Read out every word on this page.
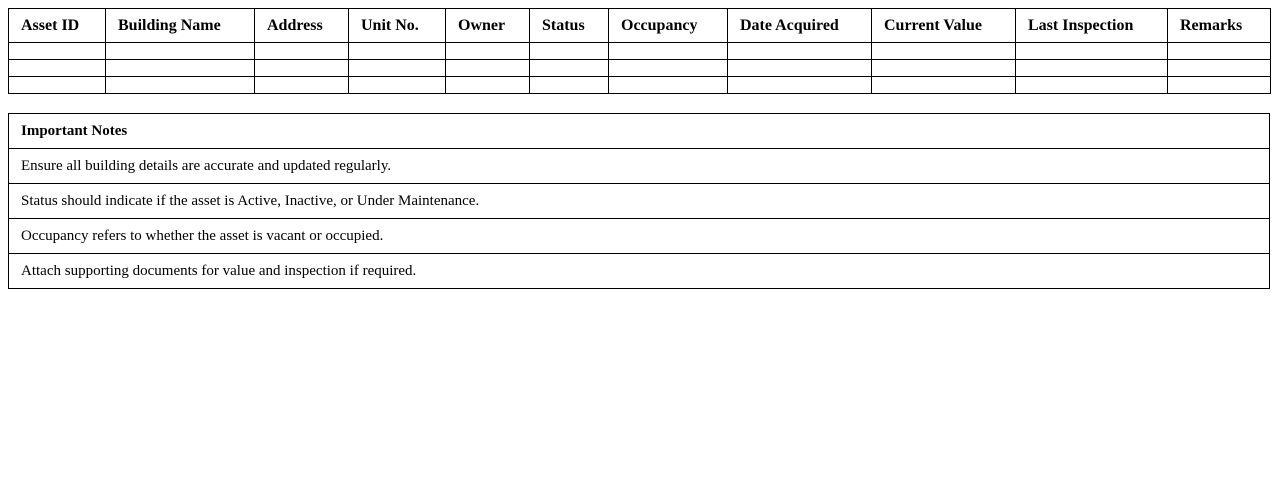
Asset ID	Building Name	Address	Unit No.	Owner	Status	Occupancy	Date Acquired	Current Value	Last Inspection	Remarks

Important Notes
Ensure all building details are accurate and updated regularly.
Status should indicate if the asset is Active, Inactive, or Under Maintenance.
Occupancy refers to whether the asset is vacant or occupied.
Attach supporting documents for value and inspection if required.
